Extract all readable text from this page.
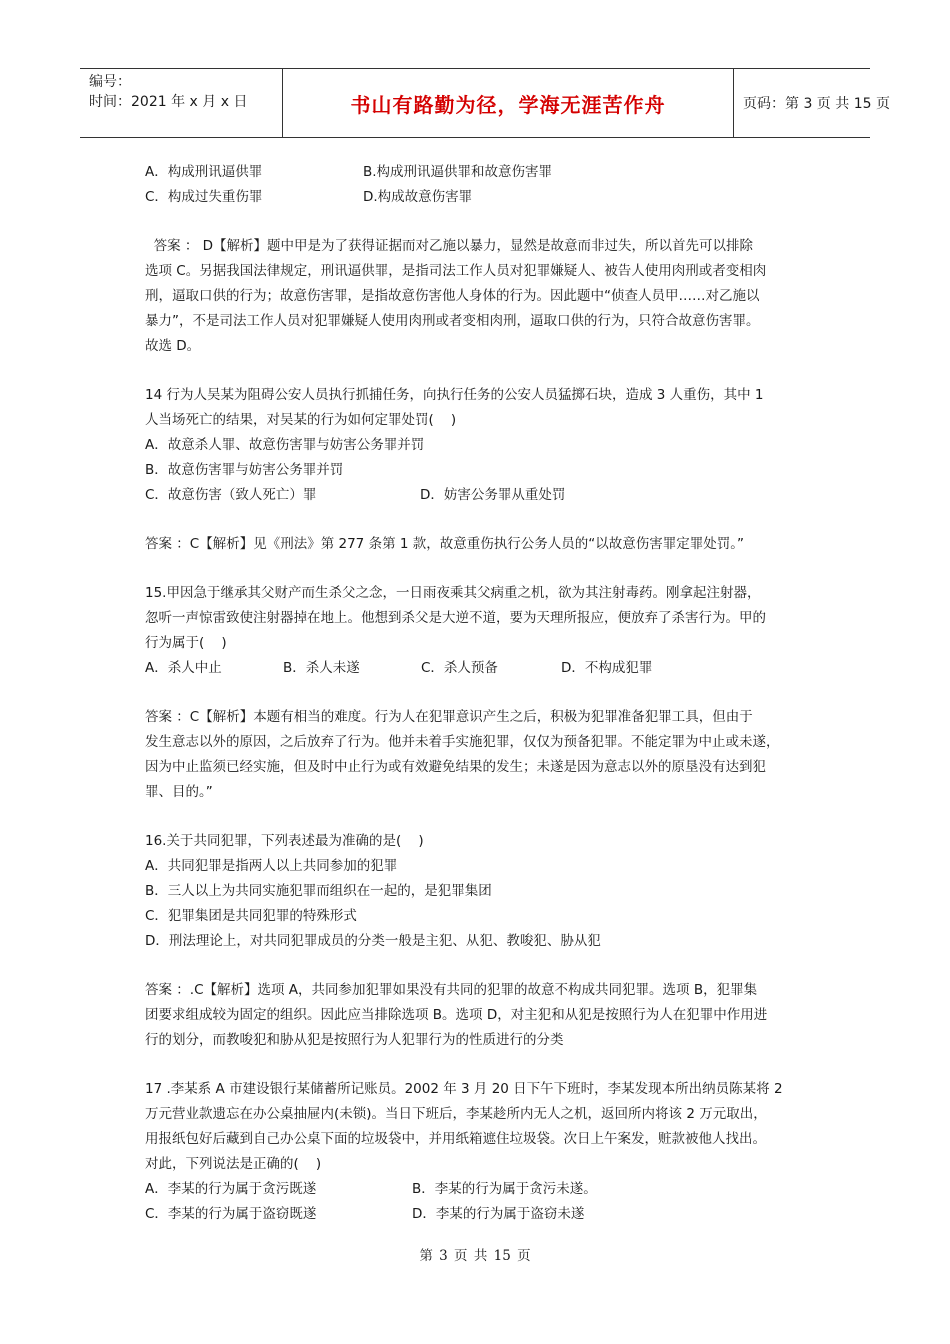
编号：
时间：2021 年 x 月 x 日	书山有路勤为径，学海无涯苦作舟	页码：第 3 页 共 15 页
A．构成刑讯逼供罪	B.构成刑讯逼供罪和故意伤害罪
C．构成过失重伤罪	D.构成故意伤害罪
答案 ： D【解析】题中甲是为了获得证据而对乙施以暴力，显然是故意而非过失，所以首先可以排除
选项 C。另据我国法律规定，刑讯逼供罪，是指司法工作人员对犯罪嫌疑人、被告人使用肉刑或者变相肉
刑，逼取口供的行为；故意伤害罪，是指故意伤害他人身体的行为。因此题中“侦查人员甲……对乙施以
暴力”，不是司法工作人员对犯罪嫌疑人使用肉刑或者变相肉刑，逼取口供的行为，只符合故意伤害罪。
故选 D。
14 行为人吴某为阻碍公安人员执行抓捕任务，向执行任务的公安人员猛掷石块，造成 3 人重伤，其中 1
人当场死亡的结果，对吴某的行为如何定罪处罚(    )
A．故意杀人罪、故意伤害罪与妨害公务罪并罚
B．故意伤害罪与妨害公务罪并罚
C．故意伤害（致人死亡）罪	D．妨害公务罪从重处罚
答案 ：C【解析】见《刑法》第 277 条第 1 款，故意重伤执行公务人员的“以故意伤害罪定罪处罚。”
15.甲因急于继承其父财产而生杀父之念，一日雨夜乘其父病重之机，欲为其注射毒药。刚拿起注射器，
忽听一声惊雷致使注射器掉在地上。他想到杀父是大逆不道，要为天理所报应，便放弃了杀害行为。甲的
行为属于(    )
A．杀人中止	B．杀人未遂	C．杀人预备	D．不构成犯罪
答案 ：C【解析】本题有相当的难度。行为人在犯罪意识产生之后，积极为犯罪准备犯罪工具，但由于
发生意志以外的原因，之后放弃了行为。他并未着手实施犯罪，仅仅为预备犯罪。不能定罪为中止或未遂，
因为中止监须已经实施，但及时中止行为或有效避免结果的发生；未遂是因为意志以外的原垦没有达到犯
罪、目的。”
16.关于共同犯罪，下列表述最为准确的是(    )
A．共同犯罪是指两人以上共同参加的犯罪
B．三人以上为共同实施犯罪而组织在一起的，是犯罪集团
C．犯罪集团是共同犯罪的特殊形式
D．刑法理论上，对共同犯罪成员的分类一般是主犯、从犯、教唆犯、胁从犯
答案 ：.C【解析】选项 A，共同参加犯罪如果没有共同的犯罪的故意不构成共同犯罪。选项 B，犯罪集
团要求组成较为固定的组织。因此应当排除选项 B。选项 D，对主犯和从犯是按照行为人在犯罪中作用进
行的划分，而教唆犯和胁从犯是按照行为人犯罪行为的性质进行的分类
17 .李某系 A 市建设银行某储蓄所记账员。2002 年 3 月 20 日下午下班时，李某发现本所出纳员陈某将 2
万元营业款遗忘在办公桌抽屉内(未锁)。当日下班后，李某趁所内无人之机，返回所内将该 2 万元取出，
用报纸包好后藏到自己办公桌下面的垃圾袋中，并用纸箱遮住垃圾袋。次日上午案发，赃款被他人找出。
对此，下列说法是正确的(    )
A．李某的行为属于贪污既遂	B．李某的行为属于贪污未遂。
C．李某的行为属于盗窃既遂	D．李某的行为属于盗窃未遂
第 3 页 共 15 页
